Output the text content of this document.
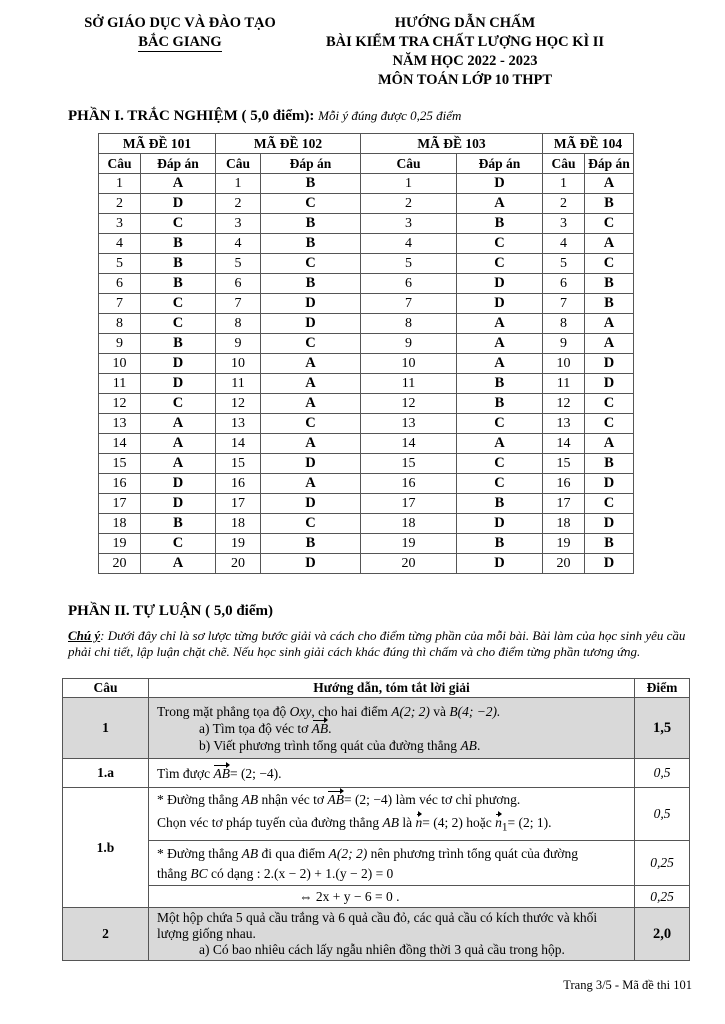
SỞ GIÁO DỤC VÀ ĐÀO TẠO
BẮC GIANG
HƯỚNG DẪN CHẤM
BÀI KIỂM TRA CHẤT LƯỢNG HỌC KÌ II
NĂM HỌC 2022 - 2023
MÔN TOÁN LỚP 10 THPT
PHẦN I. TRẮC NGHIỆM ( 5,0 điểm): Mỗi ý đúng được 0,25 điểm
MÃ ĐỀ 101		MÃ ĐỀ 102		MÃ ĐỀ 103		MÃ ĐỀ 104	
Câu	Đáp án	Câu	Đáp án	Câu	Đáp án	Câu	Đáp án
1	A	1	B	1	D	1	A
2	D	2	C	2	A	2	B
3	C	3	B	3	B	3	C
4	B	4	B	4	C	4	A
5	B	5	C	5	C	5	C
6	B	6	B	6	D	6	B
7	C	7	D	7	D	7	B
8	C	8	D	8	A	8	A
9	B	9	C	9	A	9	A
10	D	10	A	10	A	10	D
11	D	11	A	11	B	11	D
12	C	12	A	12	B	12	C
13	A	13	C	13	C	13	C
14	A	14	A	14	A	14	A
15	A	15	D	15	C	15	B
16	D	16	A	16	C	16	D
17	D	17	D	17	B	17	C
18	B	18	C	18	D	18	D
19	C	19	B	19	B	19	B
20	A	20	D	20	D	20	D
PHẦN II. TỰ LUẬN ( 5,0 điểm)
Chú ý: Dưới đây chỉ là sơ lược từng bước giải và cách cho điểm từng phần của mỗi bài. Bài làm của học sinh yêu cầu phải chi tiết, lập luận chặt chẽ. Nếu học sinh giải cách khác đúng thì chấm và cho điểm từng phần tương ứng.
Câu	Hướng dẫn, tóm tắt lời giải	Điểm
1	Trong mặt phẳng tọa độ Oxy, cho hai điểm A(2; 2) và B(4; −2).
a) Tìm tọa độ véc tơ AB.
b) Viết phương trình tổng quát của đường thẳng AB.	1,5
1.a	Tìm được AB= (2; −4).	0,5
1.b	* Đường thẳng AB nhận véc tơ AB= (2; −4) làm véc tơ chỉ phương.
Chọn véc tơ pháp tuyến của đường thẳng AB là n= (4; 2) hoặc $n_1= (2$; 1).	0,5

	* Đường thẳng AB đi qua điểm A(2; 2) nên phương trình tổng quát của đường
thẳng BC có dạng : 2.(x − 2) + 1.(y − 2) = 0	0,25
	⇔ 2x + y − 6 = 0 .	0,25
2	Một hộp chứa 5 quả cầu trắng và 6 quả cầu đỏ, các quả cầu có kích thước và khối lượng giống nhau.
a) Có bao nhiêu cách lấy ngẫu nhiên đồng thời 3 quả cầu trong hộp.	2,0
Trang 3/5 - Mã đề thi 101
